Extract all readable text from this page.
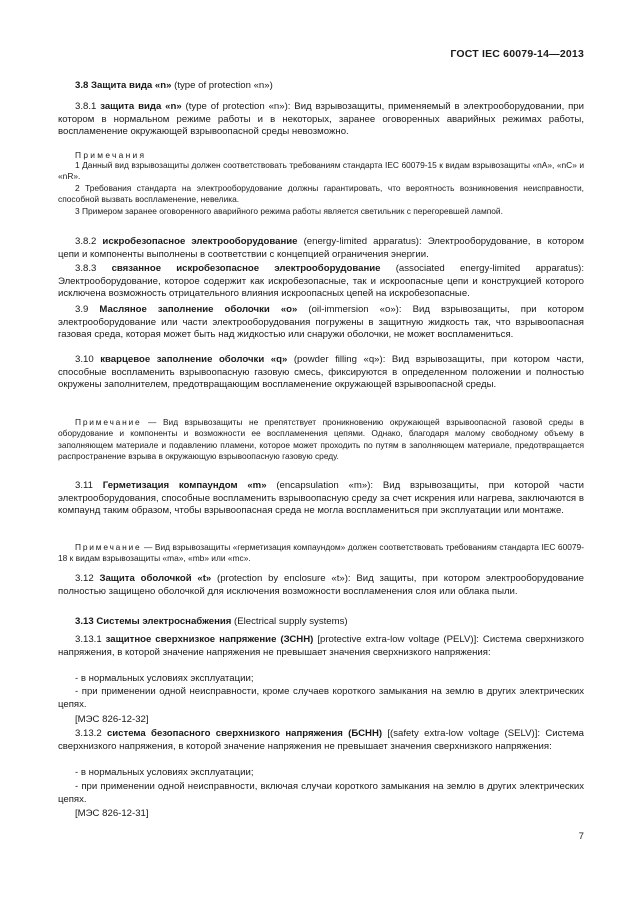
ГОСТ IEC 60079-14—2013

3.8 Защита вида «n» (type of protection «n»)

3.8.1 защита вида «n» (type of protection «n»): Вид взрывозащиты, применяемый в электрооборудовании, при котором в нормальном режиме работы и в некоторых, заранее оговоренных аварийных режимах работы, воспламенение окружающей взрывоопасной среды невозможно.

Примечания

1 Данный вид взрывозащиты должен соответствовать требованиям стандарта IEC 60079-15 к видам взрывозащиты «nA», «nC» и «nR».

2 Требования стандарта на электрооборудование должны гарантировать, что вероятность возникновения неисправности, способной вызвать воспламенение, невелика.

3 Примером заранее оговоренного аварийного режима работы является светильник с перегоревшей лампой.

3.8.2 искробезопасное электрооборудование (energy-limited apparatus): Электрооборудование, в котором цепи и компоненты выполнены в соответствии с концепцией ограничения энергии.

3.8.3 связанное искробезопасное электрооборудование (associated energy-limited apparatus): Электрооборудование, которое содержит как искробезопасные, так и искроопасные цепи и конструкцией которого исключена возможность отрицательного влияния искроопасных цепей на искробезопасные.

3.9 Масляное заполнение оболочки «o» (oil-immersion «o»): Вид взрывозащиты, при котором электрооборудование или части электрооборудования погружены в защитную жидкость так, что взрывоопасная газовая среда, которая может быть над жидкостью или снаружи оболочки, не может воспламениться.

3.10 кварцевое заполнение оболочки «q» (powder filling «q»): Вид взрывозащиты, при котором части, способные воспламенить взрывоопасную газовую смесь, фиксируются в определенном положении и полностью окружены заполнителем, предотвращающим воспламенение окружающей взрывоопасной среды.

Примечание — Вид взрывозащиты не препятствует проникновению окружающей взрывоопасной газовой среды в оборудование и компоненты и возможности ее воспламенения цепями. Однако, благодаря малому свободному объему в заполняющем материале и подавлению пламени, которое может проходить по путям в заполняющем материале, предотвращается распространение взрыва в окружающую взрывоопасную газовую среду.

3.11 Герметизация компаундом «m» (encapsulation «m»): Вид взрывозащиты, при которой части электрооборудования, способные воспламенить взрывоопасную среду за счет искрения или нагрева, заключаются в компаунд таким образом, чтобы взрывоопасная среда не могла воспламениться при эксплуатации или монтаже.

Примечание — Вид взрывозащиты «герметизация компаундом» должен соответствовать требованиям стандарта IEC 60079-18 к видам взрывозащиты «ma», «mb» или «mc».

3.12 Защита оболочкой «t» (protection by enclosure «t»): Вид защиты, при котором электрооборудование полностью защищено оболочкой для исключения возможности воспламенения слоя или облака пыли.

3.13 Системы электроснабжения (Electrical supply systems)

3.13.1 защитное сверхнизкое напряжение (ЗСНН) [protective extra-low voltage (PELV)]: Система сверхнизкого напряжения, в которой значение напряжения не превышает значения сверхнизкого напряжения:

- в нормальных условиях эксплуатации;

- при применении одной неисправности, кроме случаев короткого замыкания на землю в других электрических цепях.

[МЭС 826-12-32]

3.13.2 система безопасного сверхнизкого напряжения (БСНН) [(safety extra-low voltage (SELV)]: Система сверхнизкого напряжения, в которой значение напряжения не превышает значения сверхнизкого напряжения:

- в нормальных условиях эксплуатации;

- при применении одной неисправности, включая случаи короткого замыкания на землю в других электрических цепях.

[МЭС 826-12-31]

7
